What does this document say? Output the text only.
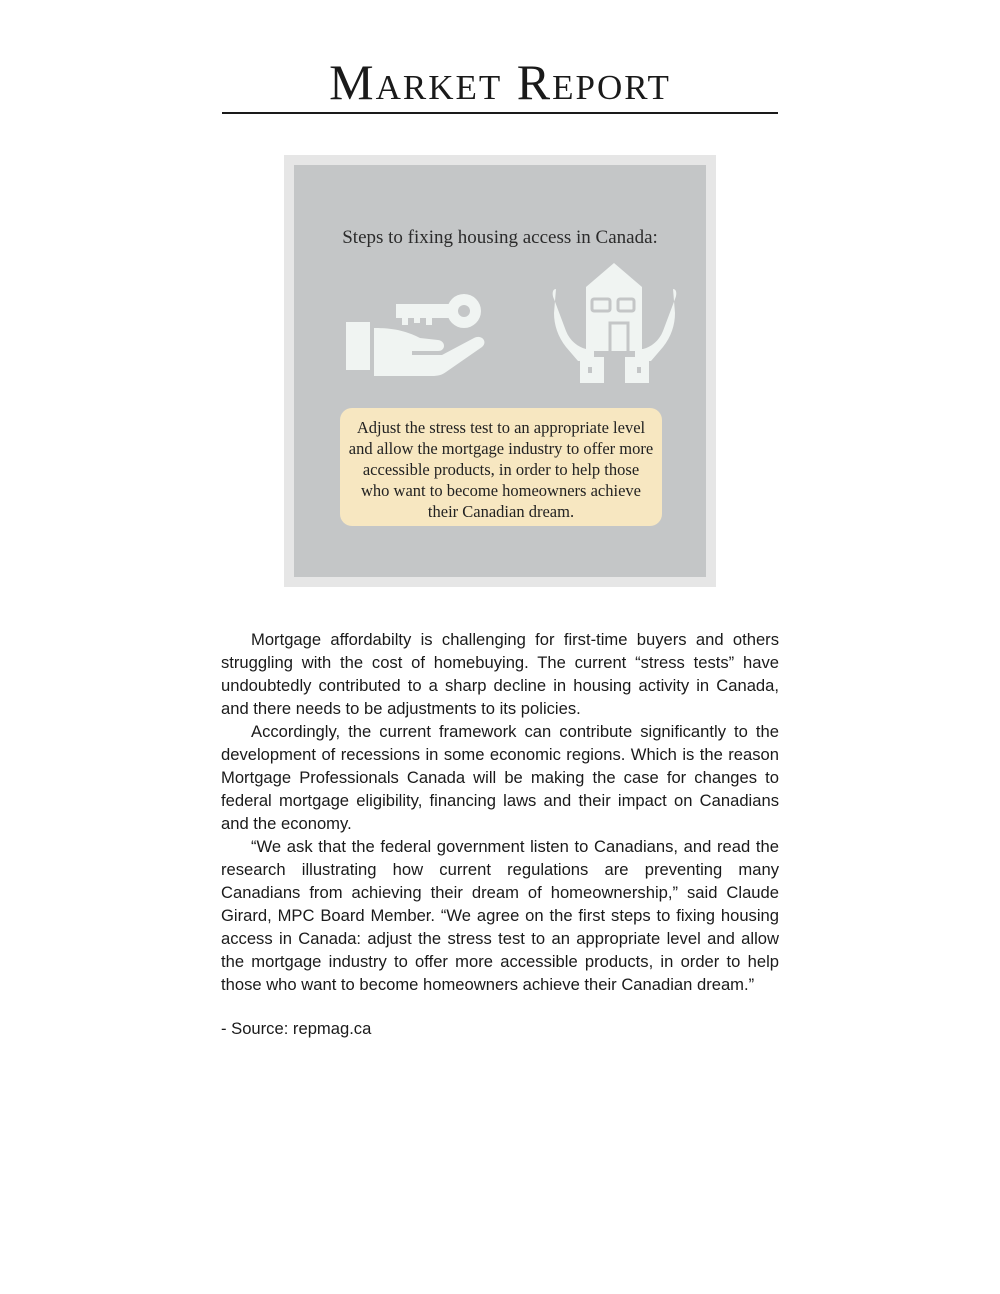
Market Report

Steps to fixing housing access in Canada:

Adjust the stress test to an appropriate level and allow the mortgage industry to offer more accessible products, in order to help those who want to become homeowners achieve their Canadian dream.

Mortgage affordabilty is challenging for first-time buyers and others struggling with the cost of homebuying. The current “stress tests” have undoubtedly contributed to a sharp decline in housing activity in Canada, and there needs to be adjustments to its policies.

Accordingly, the current framework can contribute significantly to the development of recessions in some economic regions. Which is the reason Mortgage Professionals Canada will be making the case for changes to federal mortgage eligibility, financing laws and their impact on Canadians and the economy.

“We ask that the federal government listen to Canadians, and read the research illustrating how current regulations are preventing many Canadians from achieving their dream of homeownership,” said Claude Girard, MPC Board Member. “We agree on the first steps to fixing housing access in Canada: adjust the stress test to an appropriate level and allow the mortgage industry to offer more accessible products, in order to help those who want to become homeowners achieve their Canadian dream.”

- Source: repmag.ca
